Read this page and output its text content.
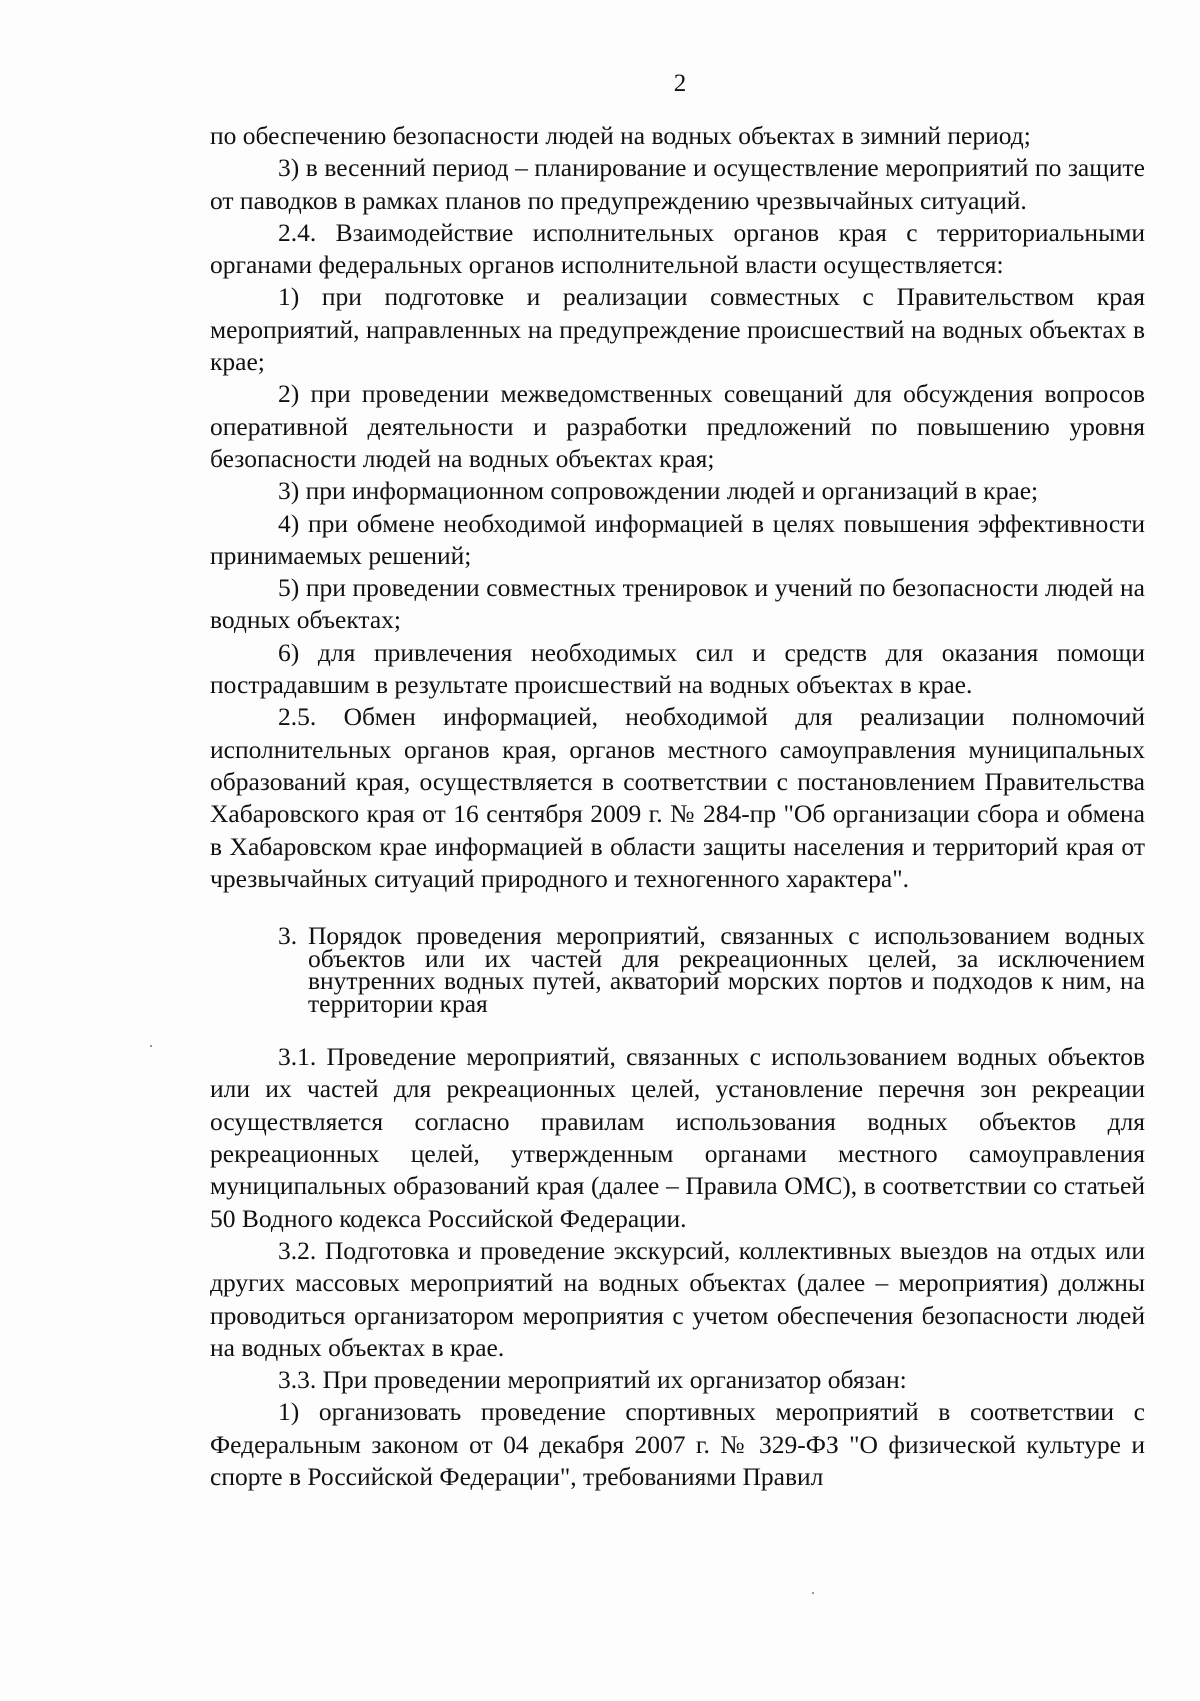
2

по обеспечению безопасности людей на водных объектах в зимний период;

3) в весенний период – планирование и осуществление мероприятий по защите от паводков в рамках планов по предупреждению чрезвычайных ситуаций.

2.4. Взаимодействие исполнительных органов края с территориальными органами федеральных органов исполнительной власти осуществляется:

1) при подготовке и реализации совместных с Правительством края мероприятий, направленных на предупреждение происшествий на водных объектах в крае;

2) при проведении межведомственных совещаний для обсуждения вопросов оперативной деятельности и разработки предложений по повышению уровня безопасности людей на водных объектах края;

3) при информационном сопровождении людей и организаций в крае;

4) при обмене необходимой информацией в целях повышения эффективности принимаемых решений;

5) при проведении совместных тренировок и учений по безопасности людей на водных объектах;

6) для привлечения необходимых сил и средств для оказания помощи пострадавшим в результате происшествий на водных объектах в крае.

2.5. Обмен информацией, необходимой для реализации полномочий исполнительных органов края, органов местного самоуправления муниципальных образований края, осуществляется в соответствии с постановлением Правительства Хабаровского края от 16 сентября 2009 г. № 284-пр "Об организации сбора и обмена в Хабаровском крае информацией в области защиты населения и территорий края от чрезвычайных ситуаций природного и техногенного характера".

3. Порядок проведения мероприятий, связанных с использованием водных объектов или их частей для рекреационных целей, за исключением внутренних водных путей, акваторий морских портов и подходов к ним, на территории края

3.1. Проведение мероприятий, связанных с использованием водных объектов или их частей для рекреационных целей, установление перечня зон рекреации осуществляется согласно правилам использования водных объектов для рекреационных целей, утвержденным органами местного самоуправления муниципальных образований края (далее – Правила ОМС), в соответствии со статьей 50 Водного кодекса Российской Федерации.

3.2. Подготовка и проведение экскурсий, коллективных выездов на отдых или других массовых мероприятий на водных объектах (далее – мероприятия) должны проводиться организатором мероприятия с учетом обеспечения безопасности людей на водных объектах в крае.

3.3. При проведении мероприятий их организатор обязан:

1) организовать проведение спортивных мероприятий в соответствии с Федеральным законом от 04 декабря 2007 г. № 329-ФЗ "О физической культуре и спорте в Российской Федерации", требованиями Правил
